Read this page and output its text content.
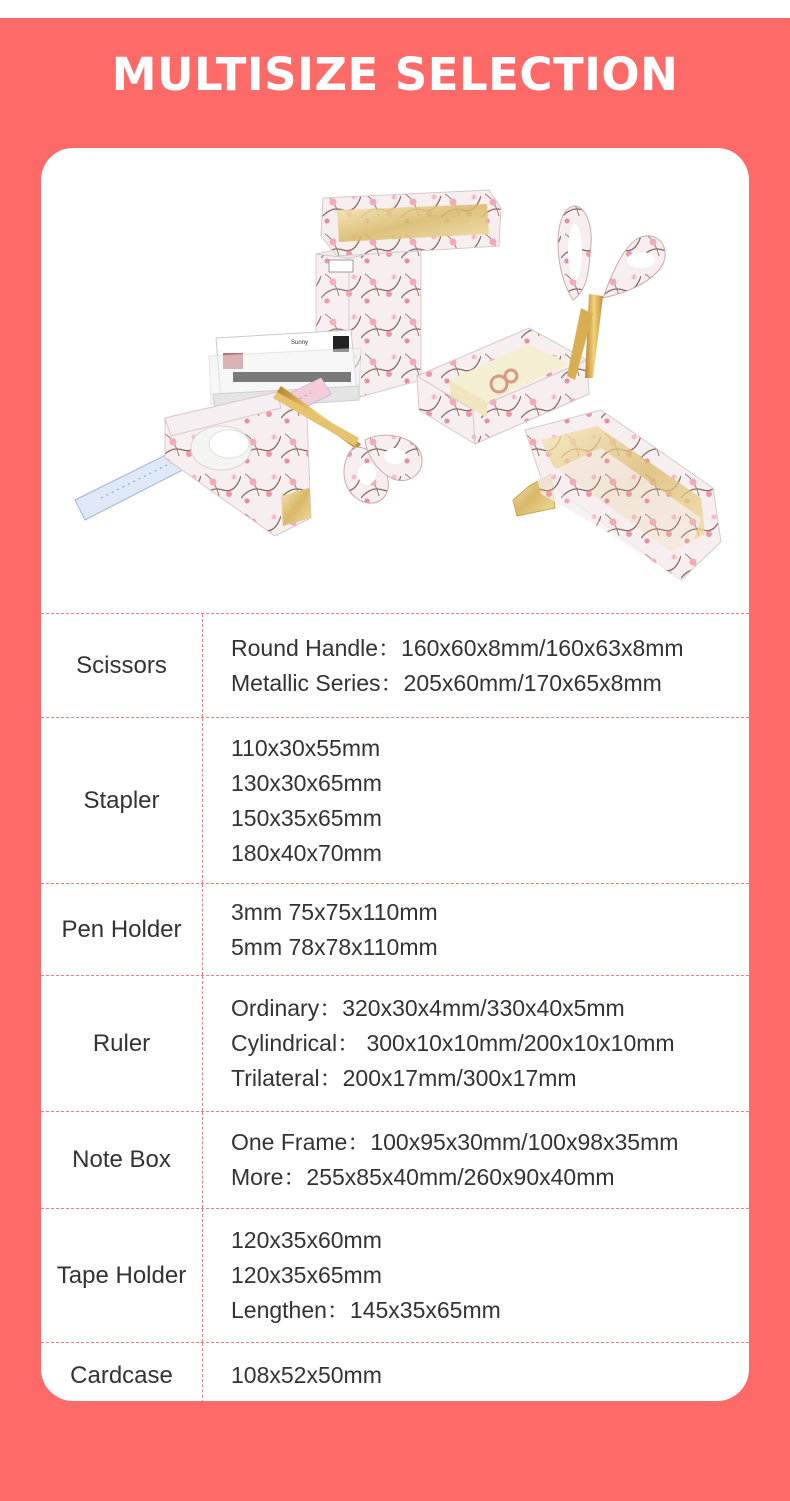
MULTISIZE SELECTION
Sunny
Scissors
Round Handle：160x60x8mm/160x63x8mm
Metallic Series：205x60mm/170x65x8mm
Stapler
110x30x55mm
130x30x65mm
150x35x65mm
180x40x70mm
Pen Holder
3mm 75x75x110mm
5mm 78x78x110mm
Ruler
Ordinary：320x30x4mm/330x40x5mm
Cylindrical： 300x10x10mm/200x10x10mm
Trilateral：200x17mm/300x17mm
Note Box
One Frame：100x95x30mm/100x98x35mm
More：255x85x40mm/260x90x40mm
Tape Holder
120x35x60mm
120x35x65mm
Lengthen：145x35x65mm
Cardcase	108x52x50mm
